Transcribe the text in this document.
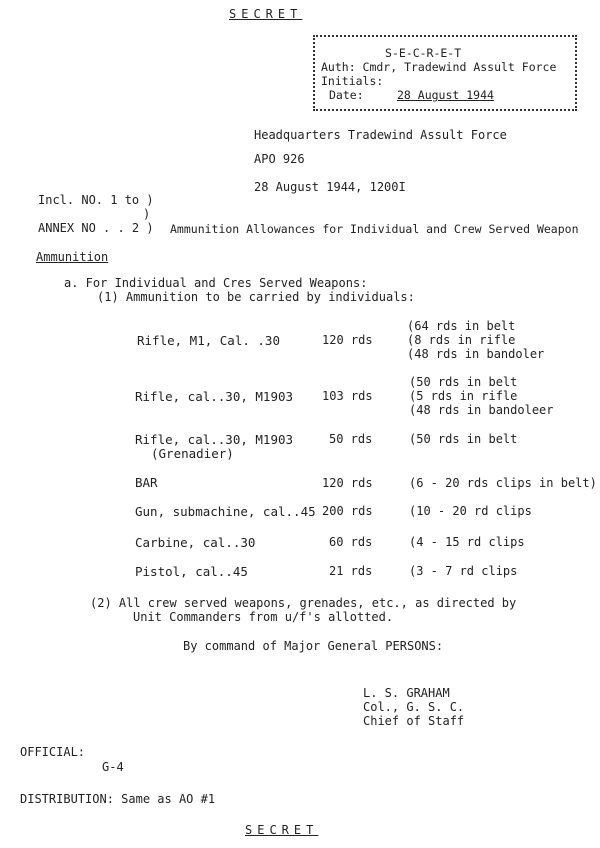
SECRET
S-E-C-R-E-T
Auth: Cmdr, Tradewind Assult Force
Initials:
Date:	28 August 1944
Headquarters Tradewind Assult Force
APO 926
28 August 1944, 1200I
Incl. NO. 1 to )
)
ANNEX NO . . 2 ) Ammunition Allowances for Individual and Crew Served Weapon
Ammunition
a. For Individual and Cres Served Weapons:
(1) Ammunition to be carried by individuals:
Rifle, M1, Cal. .30	120 rds
(64 rds in belt
(8 rds in rifle
(48 rds in bandoler
Rifle, cal..30, M1903 103 rds
(50 rds in belt
(5 rds in rifle
(48 rds in bandoleer
Rifle, cal..30, M1903
(Grenadier)
50 rds	(50 rds in belt
BAR	120 rds	(6 - 20 rds clips in belt)
Gun, submachine, cal..45 200 rds	(10 - 20 rd clips
Carbine, cal..30	60 rds	(4 - 15 rd clips
Pistol, cal..45	21 rds	(3 - 7 rd clips
(2) All crew served weapons, grenades, etc., as directed by
Unit Commanders from u/f's allotted.
By command of Major General PERSONS:
L. S. GRAHAM
Col., G. S. C.
Chief of Staff
OFFICIAL:
G-4
DISTRIBUTION: Same as AO #1
SECRET
